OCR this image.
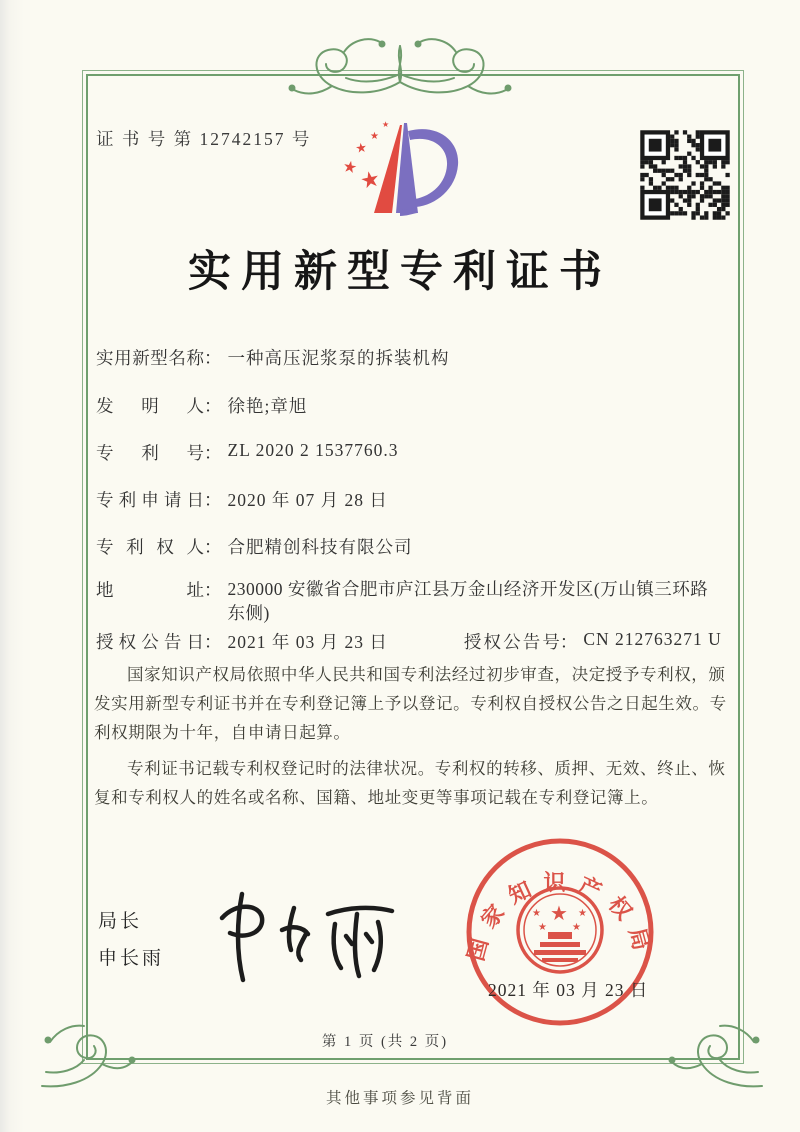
证 书 号 第 12742157 号
★
★
★
★
★
实用新型专利证书
实用新型名称： 一种高压泥浆泵的拆装机构
发明人： 徐艳;章旭
专利号： ZL 2020 2 1537760.3
专利申请日： 2020 年 07 月 28 日
专利权人： 合肥精创科技有限公司
地址： 230000 安徽省合肥市庐江县万金山经济开发区(万山镇三环路东侧)
授权公告日： 2021 年 03 月 23 日	授权公告号： CN 212763271 U

国家知识产权局依照中华人民共和国专利法经过初步审查，决定授予专利权，颁发实用新型专利证书并在专利登记簿上予以登记。专利权自授权公告之日起生效。专利权期限为十年，自申请日起算。

专利证书记载专利权登记时的法律状况。专利权的转移、质押、无效、终止、恢复和专利权人的姓名或名称、国籍、地址变更等事项记载在专利登记簿上。

局长
申长雨	国家知识产权局
★
★	★
★	★
2021 年 03 月 23 日
第 1 页 (共 2 页)
其他事项参见背面
